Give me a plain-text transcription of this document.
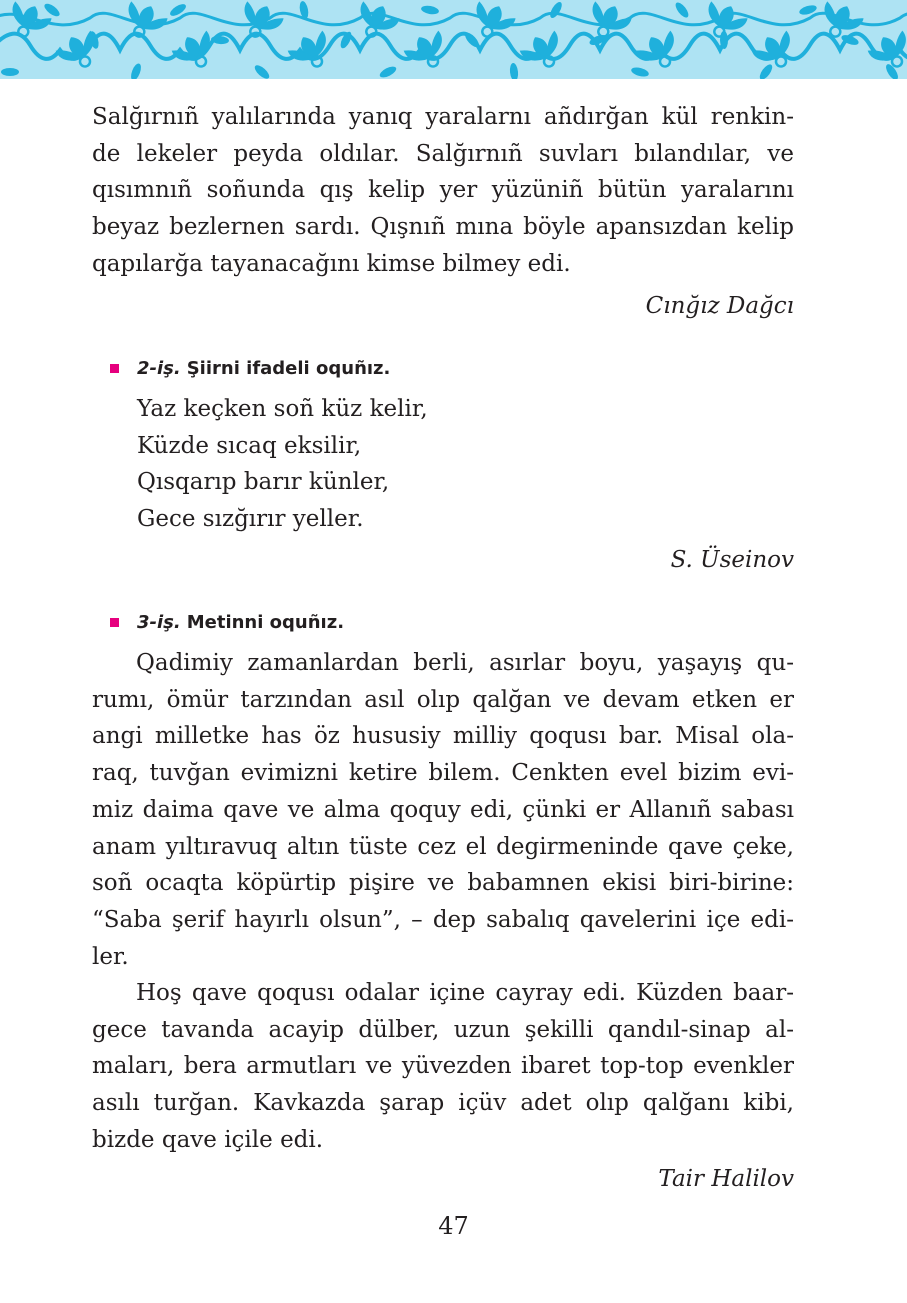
Salğırnıñ yalılarında yanıq yaralarnı añdırğan kül renkin-
de lekeler peyda oldılar. Salğırnıñ suvları bılandılar, ve
qısımnıñ soñunda qış kelip yer yüzüniñ bütün yaralarını
beyaz bezlernen sardı. Qışnıñ mına böyle apansızdan kelip
qapılarğa tayanacağını kimse bilmey edi.

Cınğız Dağcı

2-iş. Şiirni ifadeli oquñız.
Yaz keçken soñ küz kelir,
Küzde sıcaq eksilir,
Qısqarıp barır künler,
Gece sızğırır yeller.

S. Üseinov

3-iş. Metinni oquñız.
Qadimiy zamanlardan berli, asırlar boyu, yaşayış qu-
rumı, ömür tarzından asıl olıp qalğan ve devam etken er
angi milletke has öz hususiy milliy qoqusı bar. Misal ola-
raq, tuvğan evimizni ketire bilem. Cenkten evel bizim evi-
miz daima qave ve alma qoquy edi, çünki er Allanıñ sabası
anam yıltıravuq altın tüste cez el degirmeninde qave çeke,
soñ ocaqta köpürtip pişire ve babamnen ekisi biri-birine:
“Saba şerif hayırlı olsun”, – dep sabalıq qavelerini içe edi-
ler.
Hoş qave qoqusı odalar içine cayray edi. Küzden baar-
gece tavanda acayip dülber, uzun şekilli qandıl-sinap al-
maları, bera armutları ve yüvezden ibaret top-top evenkler
asılı turğan. Kavkazda şarap içüv adet olıp qalğanı kibi,
bizde qave içile edi.

Tair Halilov

47
